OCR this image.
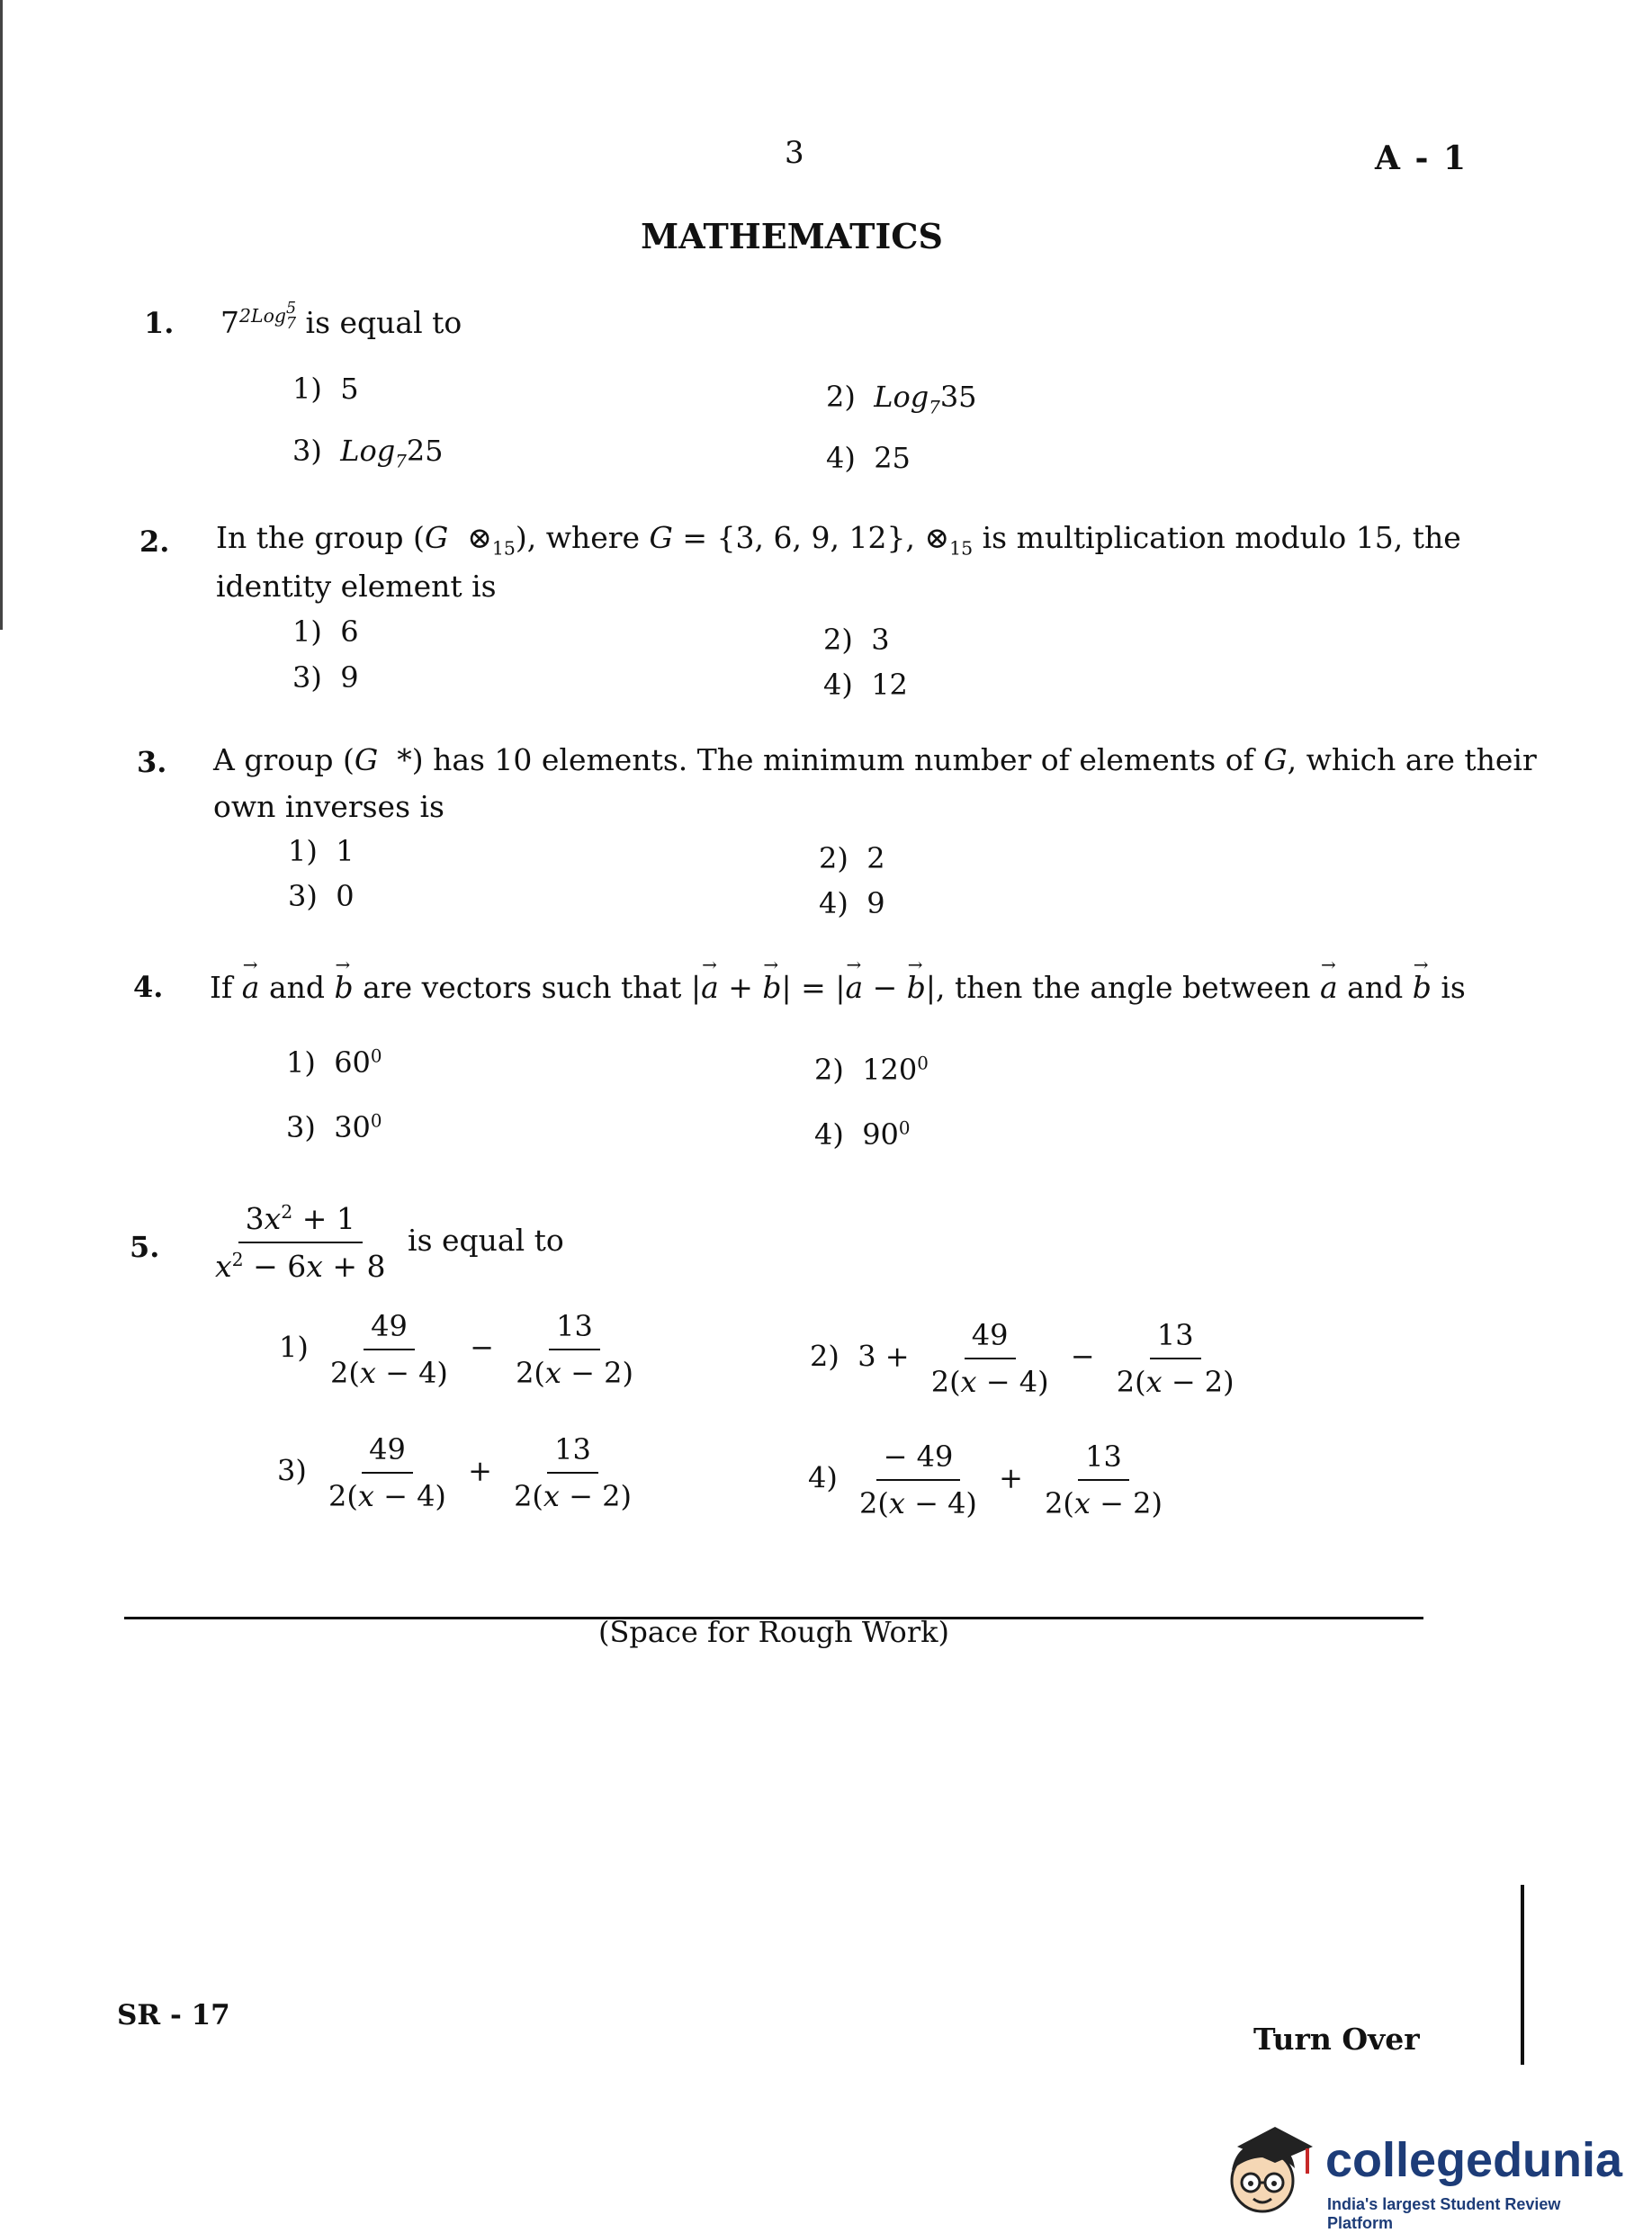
3	A - 1
MATHEMATICS
1. $7^{2Log 5 7}$ is equal to
1) 5	2) Log$_7$35
3) Log$_7$25	4) 25
2. In the group (G $\otimes_{15}$), where G = {3, 6, 9, 12}, $\otimes_{15}$ is multiplication modulo 15, the
identity element is
1) 6	2) 3
3) 9	4) 12
3. A group (G *) has 10 elements. The minimum number of elements of G, which are their
own inverses is
1) 1	2) 2
3) 0	4) 9
4. If a → and b → are vectors such that |a → + b →| = |a → − b →|, then the angle between a → and b → is
1) $60^0$	2) $120^0$
3) $30^0$	4) $90^0$
5. $\frac{3x^2 + 1}{x^2 - 6x + 8}$ is equal to
$1) \frac{49}{2(x - 4)} - \frac{13}{2(x - 2)}$	2) $3 + \frac{49}{2(x - 4)} - \frac{13}{2(x - 2)}$
$3) \frac{49}{2(x - 4)} + \frac{13}{2(x - 2)}$	$4) \frac{- 49}{2(x - 4)} + \frac{13}{2(x - 2)}$
(Space for Rough Work)
SR - 17
Turn Over
collegedunia
India's largest Student Review Platform
